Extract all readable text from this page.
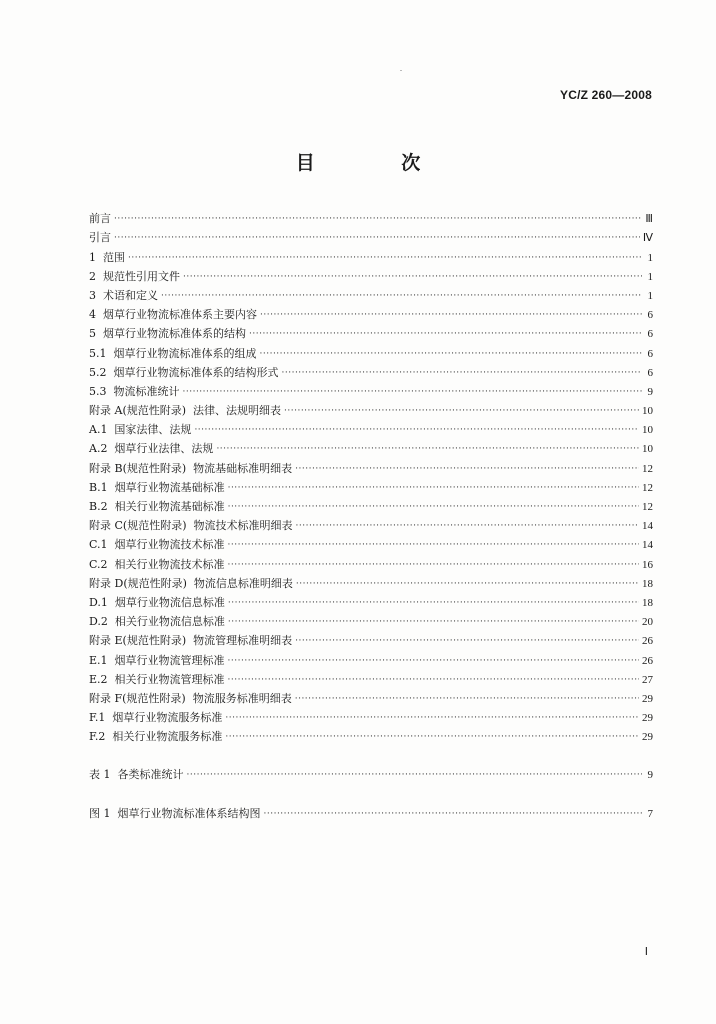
YC/Z 260—2008
目 次
前言 ·····	Ⅲ
引言 ·····	Ⅳ
1  范围 ·····	1
2  规范性引用文件 ·····	1
3  术语和定义 ·····	1
4  烟草行业物流标准体系主要内容 ·····	6
5  烟草行业物流标准体系的结构 ·····	6
5.1  烟草行业物流标准体系的组成 ·····	6
5.2  烟草行业物流标准体系的结构形式 ·····	6
5.3  物流标准统计 ·····	9
附录 A(规范性附录)  法律、法规明细表 ·····	10
A.1  国家法律、法规 ·····	10
A.2  烟草行业法律、法规 ·····	10
附录 B(规范性附录)  物流基础标准明细表 ·····	12
B.1  烟草行业物流基础标准 ·····	12
B.2  相关行业物流基础标准 ·····	12
附录 C(规范性附录)  物流技术标准明细表 ·····	14
C.1  烟草行业物流技术标准 ·····	14
C.2  相关行业物流技术标准 ·····	16
附录 D(规范性附录)  物流信息标准明细表 ·····	18
D.1  烟草行业物流信息标准 ·····	18
D.2  相关行业物流信息标准 ·····	20
附录 E(规范性附录)  物流管理标准明细表 ·····	26
E.1  烟草行业物流管理标准 ·····	26
E.2  相关行业物流管理标准 ·····	27
附录 F(规范性附录)  物流服务标准明细表 ·····	29
F.1  烟草行业物流服务标准 ·····	29
F.2  相关行业物流服务标准 ·····	29
表 1  各类标准统计 ·····	9
图 1  烟草行业物流标准体系结构图 ·····	7
Ⅰ
